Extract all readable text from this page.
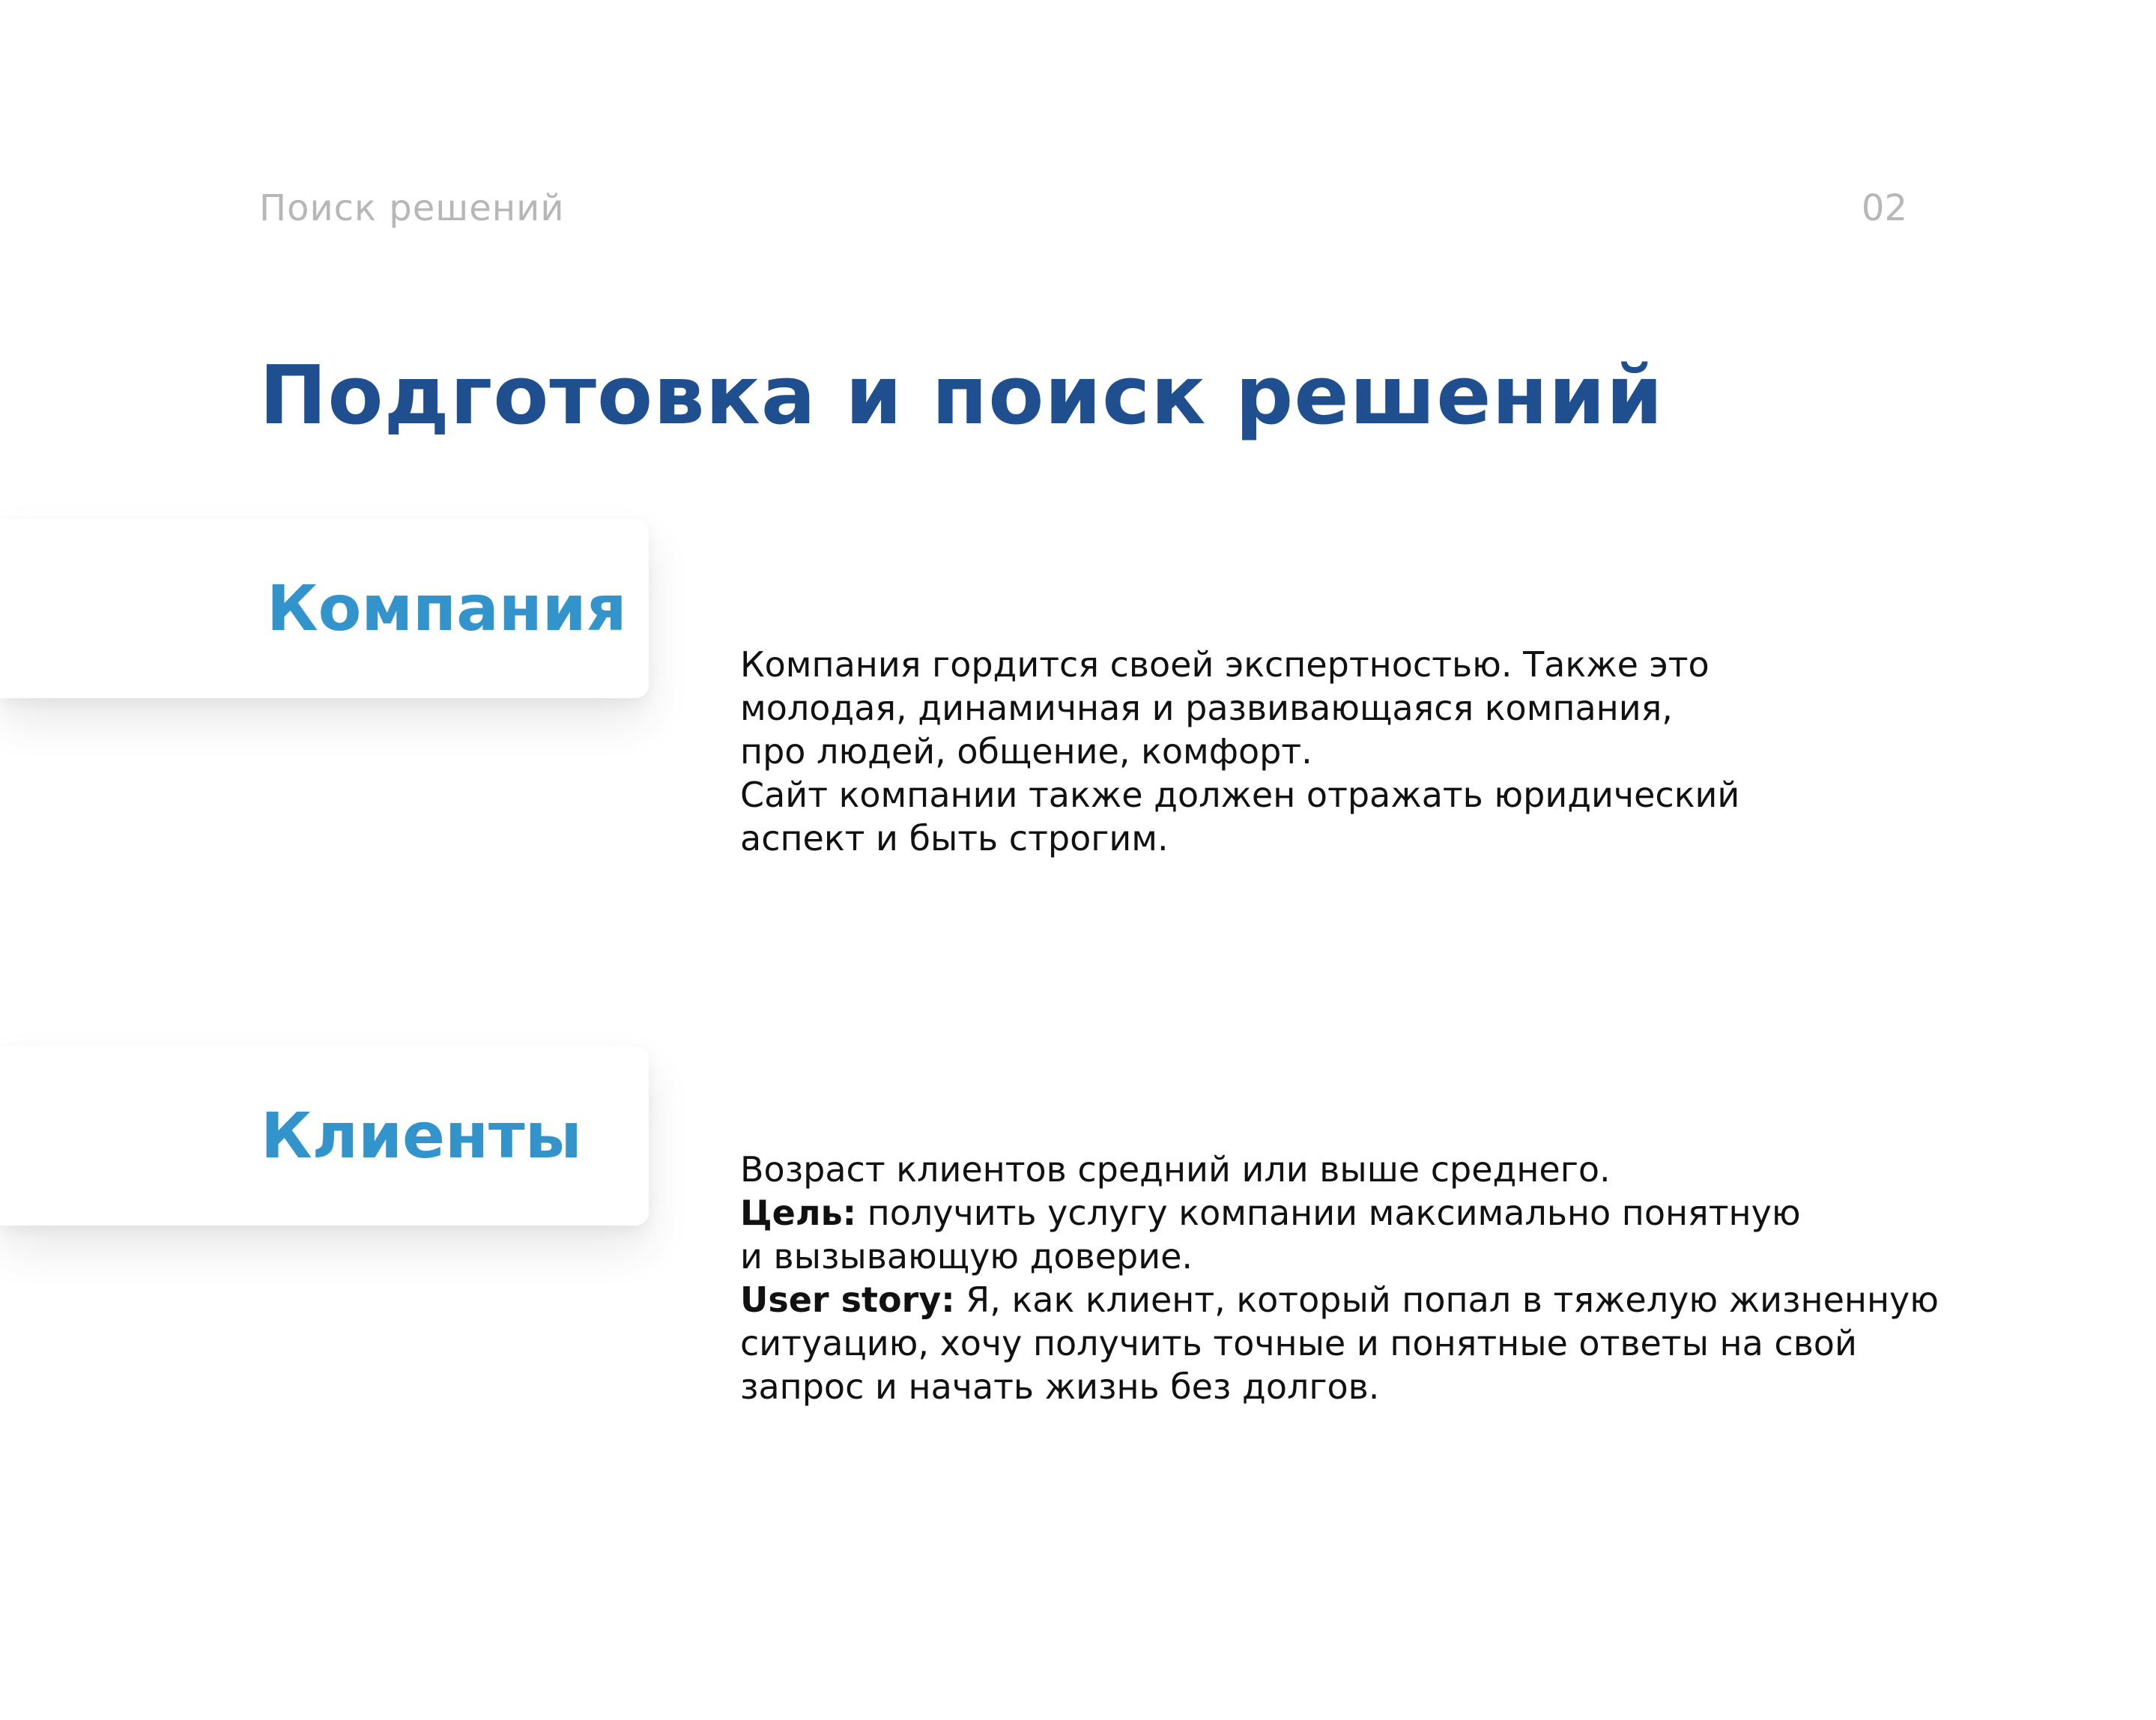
Поиск решений	02
Подготовка и поиск решений
Компания

Компания гордится своей экспертностью. Также это

молодая, динамичная и развивающаяся компания,

про людей, общение, комфорт.

Сайт компании также должен отражать юридический

аспект и быть строгим.

Клиенты	Возраст клиентов средний или выше среднего.

Цель: получить услугу компании максимально понятную

и вызывающую доверие.

User story: Я, как клиент, который попал в тяжелую жизненную

ситуацию, хочу получить точные и понятные ответы на свой

запрос и начать жизнь без долгов.
